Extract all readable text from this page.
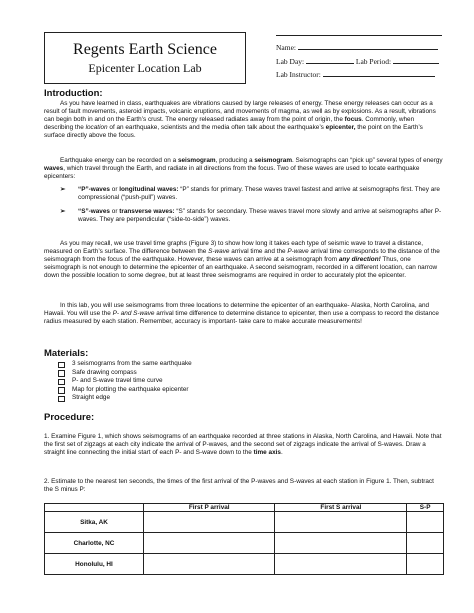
Regents Earth Science
Epicenter Location Lab
Name:
Lab Day:	Lab Period:
Lab Instructor:
Introduction:

As you have learned in class, earthquakes are vibrations caused by large releases of energy. These energy releases can occur as a result of fault movements, asteroid impacts, volcanic eruptions, and movements of magma, as well as by explosions. As a result, vibrations can begin both in and on the Earth’s crust. The energy released radiates away from the point of origin, the focus. Commonly, when describing the location of an earthquake, scientists and the media often talk about the earthquake’s epicenter, the point on the Earth’s surface directly above the focus.

Earthquake energy can be recorded on a seismogram, producing a seismogram. Seismographs can “pick up” several types of energy waves, which travel through the Earth, and radiate in all directions from the focus. Two of these waves are used to locate earthquake epicenters:

➢ “P”-waves or longitudinal waves: “P” stands for primary. These waves travel fastest and arrive at seismographs first. They are compressional (“push-pull”) waves.
➢ “S”-waves or transverse waves: “S” stands for secondary. These waves travel more slowly and arrive at seismographs after P-waves. They are perpendicular (“side-to-side”) waves.

As you may recall, we use travel time graphs (Figure 3) to show how long it takes each type of seismic wave to travel a distance, measured on Earth’s surface. The difference between the S-wave arrival time and the P-wave arrival time corresponds to the distance of the seismograph from the focus of the earthquake. However, these waves can arrive at a seismograph from any direction! Thus, one seismograph is not enough to determine the epicenter of an earthquake. A second seismogram, recorded in a different location, can narrow down the possible location to some degree, but at least three seismograms are required in order to accurately plot the epicenter.

In this lab, you will use seismograms from three locations to determine the epicenter of an earthquake- Alaska, North Carolina, and Hawaii. You will use the P- and S-wave arrival time difference to determine distance to epicenter, then use a compass to record the distance radius measured by each station. Remember, accuracy is important- take care to make accurate measurements!

Materials:
3 seismograms from the same earthquake
Safe drawing compass
P- and S-wave travel time curve
Map for plotting the earthquake epicenter
Straight edge
Procedure:

1. Examine Figure 1, which shows seismograms of an earthquake recorded at three stations in Alaska, North Carolina, and Hawaii. Note that the first set of zigzags at each city indicate the arrival of P-waves, and the second set of zigzags indicate the arrival of S-waves. Draw a straight line connecting the initial start of each P- and S-wave down to the time axis.

2. Estimate to the nearest ten seconds, the times of the first arrival of the P-waves and S-waves at each station in Figure 1. Then, subtract the S minus P:

	First P arrival	First S arrival	S-P
Sitka, AK			
Charlotte, NC			
Honolulu, HI			
